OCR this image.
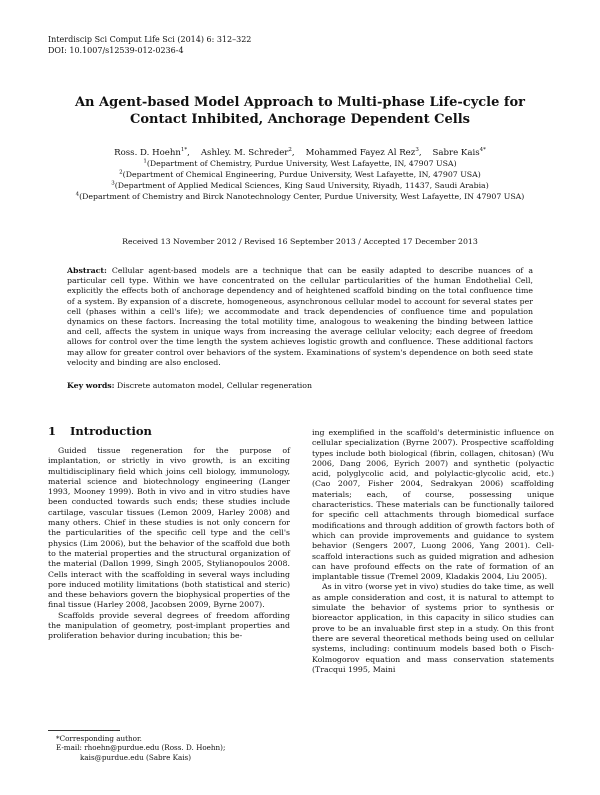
Interdiscip Sci Comput Life Sci (2014) 6: 312–322
DOI: 10.1007/s12539-012-0236-4
An Agent-based Model Approach to Multi-phase Life-cycle for
Contact Inhibited, Anchorage Dependent Cells
Ross. D. Hoehn$^{1*}$,    Ashley. M. Schreder$^2$,    Mohammed Fayez Al Rez$^3$,    Sabre Kais$^{4*}$
$^1$(Department of Chemistry, Purdue University, West Lafayette, IN, 47907 USA)
$^2$(Department of Chemical Engineering, Purdue University, West Lafayette, IN, 47907 USA)
$^3$(Department of Applied Medical Sciences, King Saud University, Riyadh, 11437, Saudi Arabia)
$^4$(Department of Chemistry and Birck Nanotechnology Center, Purdue University, West Lafayette, IN 47907 USA)
Received 13 November 2012 / Revised 16 September 2013 / Accepted 17 December 2013
Abstract: Cellular agent-based models are a technique that can be easily adapted to describe nuances of a particular cell type. Within we have concentrated on the cellular particularities of the human Endothelial Cell, explicitly the effects both of anchorage dependency and of heightened scaffold binding on the total confluence time of a system. By expansion of a discrete, homogeneous, asynchronous cellular model to account for several states per cell (phases within a cell's life); we accommodate and track dependencies of confluence time and population dynamics on these factors. Increasing the total motility time, analogous to weakening the binding between lattice and cell, affects the system in unique ways from increasing the average cellular velocity; each degree of freedom allows for control over the time length the system achieves logistic growth and confluence. These additional factors may allow for greater control over behaviors of the system. Examinations of system's dependence on both seed state velocity and binding are also enclosed.
Key words: Discrete automaton model, Cellular regeneration
1 Introduction

Guided tissue regeneration for the purpose of implantation, or strictly in vivo growth, is an exciting multidisciplinary field which joins cell biology, immunology, material science and biotechnology engineering (Langer 1993, Mooney 1999). Both in vivo and in vitro studies have been conducted towards such ends; these studies include cartilage, vascular tissues (Lemon 2009, Harley 2008) and many others. Chief in these studies is not only concern for the particularities of the specific cell type and the cell's physics (Lim 2006), but the behavior of the scaffold due both to the material properties and the structural organization of the material (Dallon 1999, Singh 2005, Stylianopoulos 2008. Cells interact with the scaffolding in several ways including pore induced motility limitations (both statistical and steric) and these behaviors govern the biophysical properties of the final tissue (Harley 2008, Jacobsen 2009, Byrne 2007).

Scaffolds provide several degrees of freedom affording the manipulation of geometry, post-implant properties and proliferation behavior during incubation; this be-

ing exemplified in the scaffold's deterministic influence on cellular specialization (Byrne 2007). Prospective scaffolding types include both biological (fibrin, collagen, chitosan) (Wu 2006, Dang 2006, Eyrich 2007) and synthetic (polyactic acid, polyglycolic acid, and polylactic-glycolic acid, etc.) (Cao 2007, Fisher 2004, Sedrakyan 2006) scaffolding materials; each, of course, possessing unique characteristics. These materials can be functionally tailored for specific cell attachments through biomedical surface modifications and through addition of growth factors both of which can provide improvements and guidance to system behavior (Sengers 2007, Luong 2006, Yang 2001). Cell-scaffold interactions such as guided migration and adhesion can have profound effects on the rate of formation of an implantable tissue (Tremel 2009, Kladakis 2004, Liu 2005).

As in vitro (worse yet in vivo) studies do take time, as well as ample consideration and cost, it is natural to attempt to simulate the behavior of systems prior to synthesis or bioreactor application, in this capacity in silico studies can prove to be an invaluable first step in a study. On this front there are several theoretical methods being used on cellular systems, including: continuum models based both o Fisch-Kolmogorov equation and mass conservation statements (Tracqui 1995, Maini

*Corresponding author.
E-mail: rhoehn@purdue.edu (Ross. D. Hoehn);
kais@purdue.edu (Sabre Kais)
